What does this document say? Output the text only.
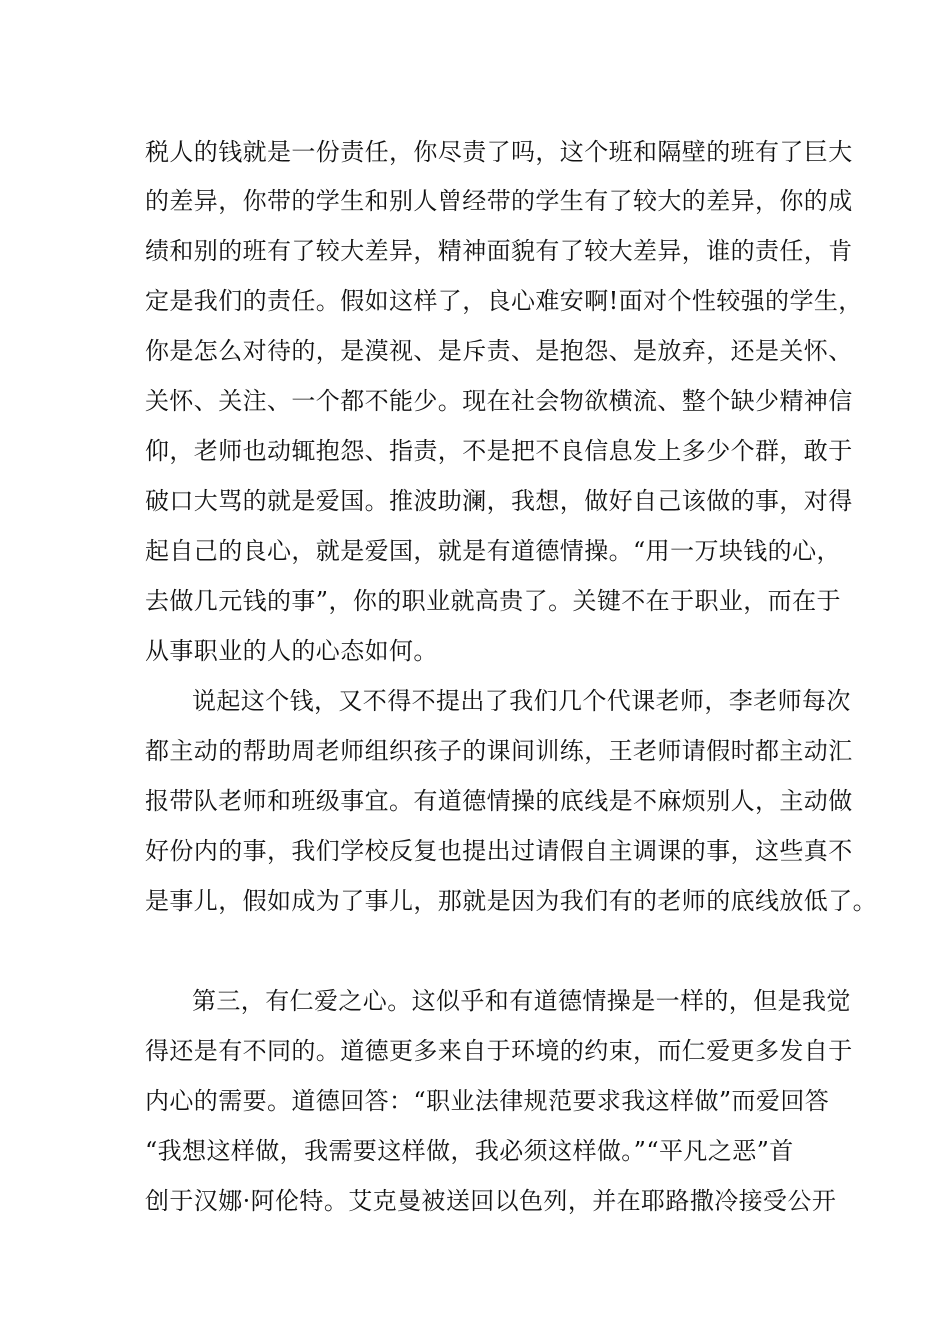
税人的钱就是一份责任，你尽责了吗，这个班和隔壁的班有了巨大
的差异，你带的学生和别人曾经带的学生有了较大的差异，你的成
绩和别的班有了较大差异，精神面貌有了较大差异，谁的责任，肯
定是我们的责任。假如这样了，良心难安啊!面对个性较强的学生，
你是怎么对待的，是漠视、是斥责、是抱怨、是放弃，还是关怀、
关怀、关注、一个都不能少。现在社会物欲横流、整个缺少精神信
仰，老师也动辄抱怨、指责，不是把不良信息发上多少个群，敢于
破口大骂的就是爱国。推波助澜，我想，做好自己该做的事，对得
起自己的良心，就是爱国，就是有道德情操。“用一万块钱的心，
去做几元钱的事”，你的职业就高贵了。关键不在于职业，而在于
从事职业的人的心态如何。
说起这个钱，又不得不提出了我们几个代课老师，李老师每次
都主动的帮助周老师组织孩子的课间训练，王老师请假时都主动汇
报带队老师和班级事宜。有道德情操的底线是不麻烦别人，主动做
好份内的事，我们学校反复也提出过请假自主调课的事，这些真不
是事儿，假如成为了事儿，那就是因为我们有的老师的底线放低了。
第三，有仁爱之心。这似乎和有道德情操是一样的，但是我觉
得还是有不同的。道德更多来自于环境的约束，而仁爱更多发自于
内心的需要。道德回答：“职业法律规范要求我这样做”而爱回答
“我想这样做，我需要这样做，我必须这样做。”“平凡之恶”首
创于汉娜·阿伦特。艾克曼被送回以色列，并在耶路撒冷接受公开
